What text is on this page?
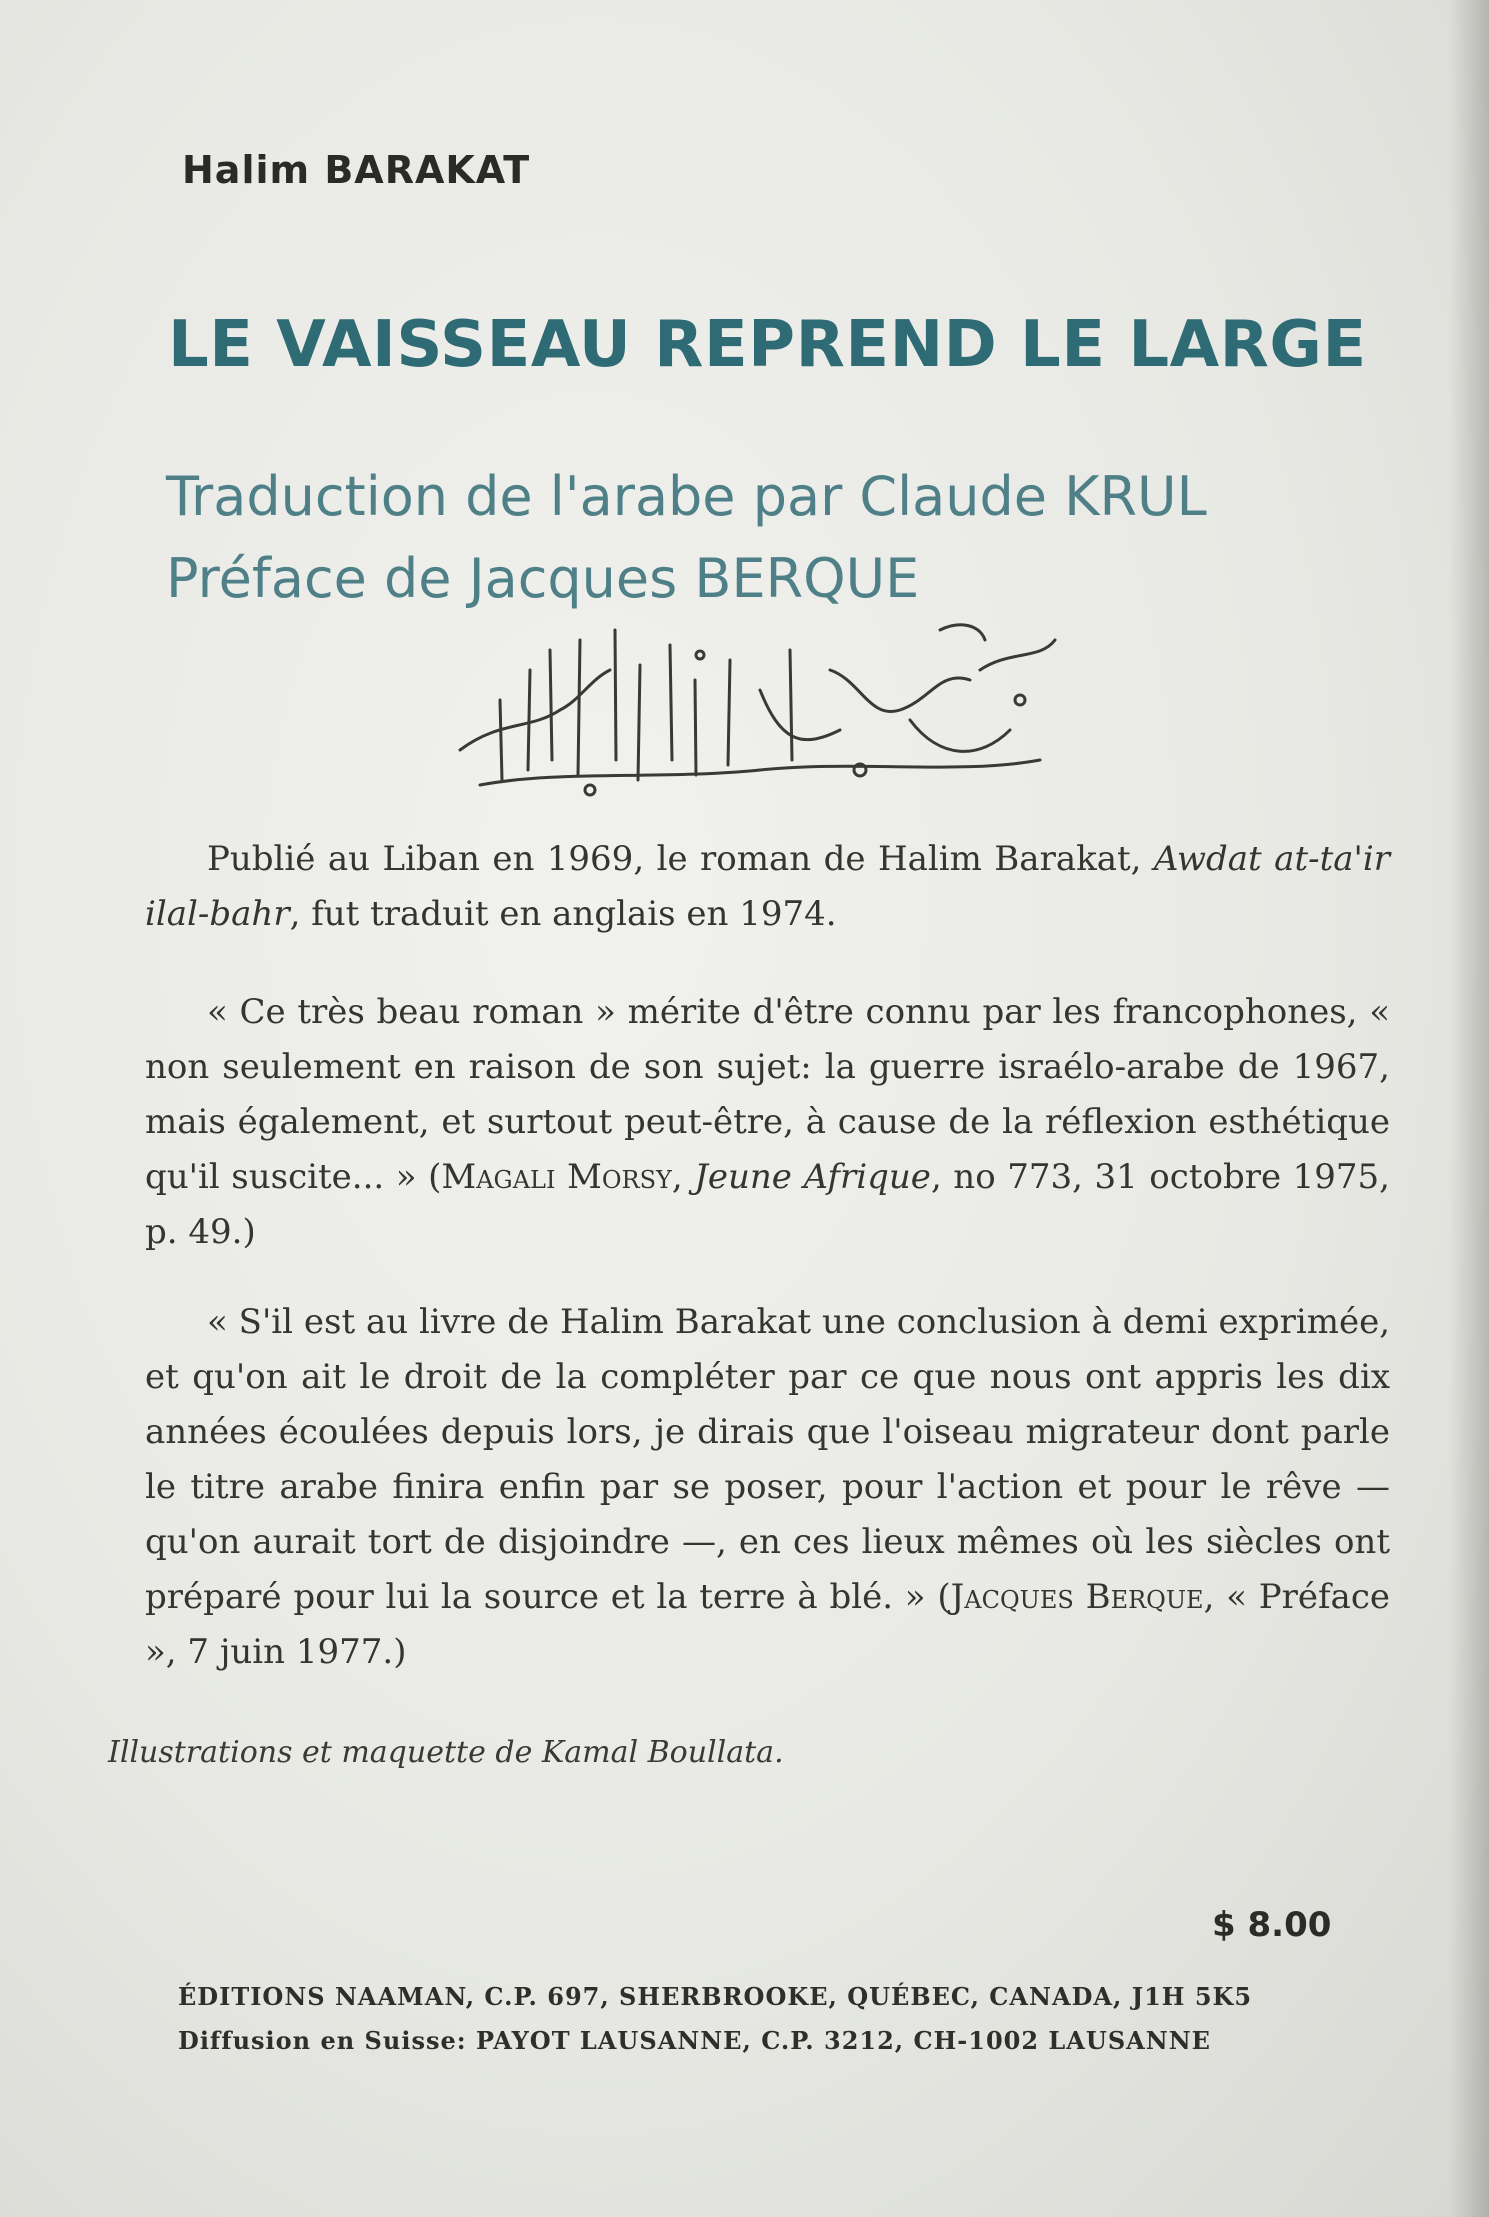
Halim BARAKAT
LE VAISSEAU REPREND LE LARGE
Traduction de l'arabe par Claude KRUL
Préface de Jacques BERQUE
Publié au Liban en 1969, le roman de Halim Barakat, Awdat at-ta'ir ilal-bahr, fut traduit en anglais en 1974.
« Ce très beau roman » mérite d'être connu par les francophones, « non seulement en raison de son sujet: la guerre israélo-arabe de 1967, mais également, et surtout peut-être, à cause de la réflexion esthétique qu'il suscite... » (Magali Morsy, Jeune Afrique, no 773, 31 octobre 1975, p. 49.)
« S'il est au livre de Halim Barakat une conclusion à demi exprimée, et qu'on ait le droit de la compléter par ce que nous ont appris les dix années écoulées depuis lors, je dirais que l'oiseau migrateur dont parle le titre arabe finira enfin par se poser, pour l'action et pour le rêve — qu'on aurait tort de disjoindre —, en ces lieux mêmes où les siècles ont préparé pour lui la source et la terre à blé. » (Jacques Berque, « Préface », 7 juin 1977.)
Illustrations et maquette de Kamal Boullata.
$ 8.00
ÉDITIONS NAAMAN, C.P. 697, SHERBROOKE, QUÉBEC, CANADA, J1H 5K5
Diffusion en Suisse: PAYOT LAUSANNE, C.P. 3212, CH-1002 LAUSANNE
